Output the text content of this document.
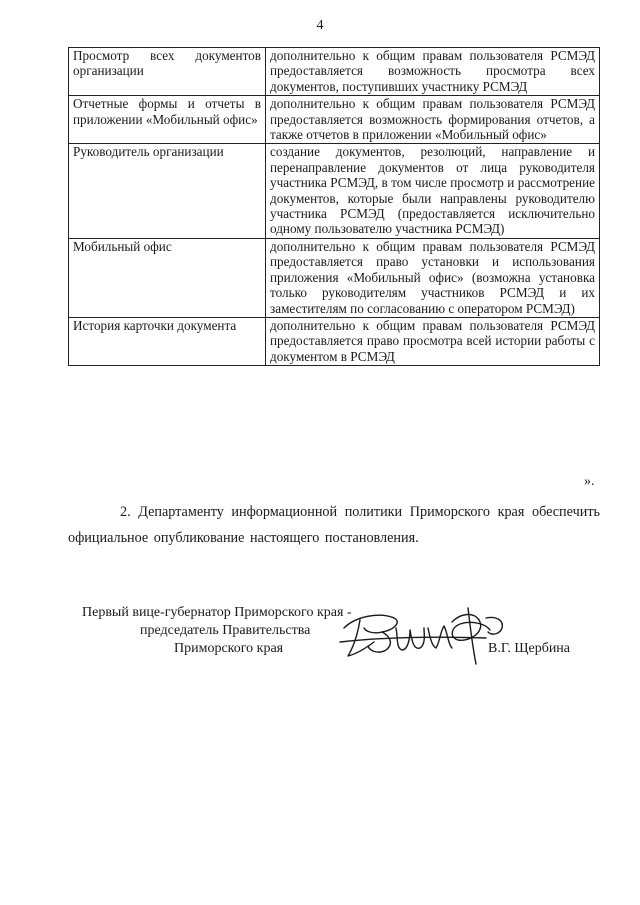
4
Просмотр всех документов организации	дополнительно к общим правам пользователя РСМЭД предоставляется возможность просмотра всех документов, поступивших участнику РСМЭД
Отчетные формы и отчеты в приложении «Мобильный офис»	дополнительно к общим правам пользователя РСМЭД предоставляется возможность формирования отчетов, а также отчетов в приложении «Мобильный офис»
Руководитель организации	создание документов, резолюций, направление и перенаправление документов от лица руководителя участника РСМЭД, в том числе просмотр и рассмотрение документов, которые были направлены руководителю участника РСМЭД (предоставляется исключительно одному пользователю участника РСМЭД)
Мобильный офис	дополнительно к общим правам пользователя РСМЭД предоставляется право установки и использования приложения «Мобильный офис» (возможна установка только руководителям участников РСМЭД и их заместителям по согласованию с оператором РСМЭД)
История карточки документа	дополнительно к общим правам пользователя РСМЭД предоставляется право просмотра всей истории работы с документом в РСМЭД
».
2. Департаменту информационной политики Приморского края обеспечить официальное опубликование настоящего постановления.
Первый вице-губернатор Приморского края -
председатель Правительства
Приморского края	В.Г. Щербина
